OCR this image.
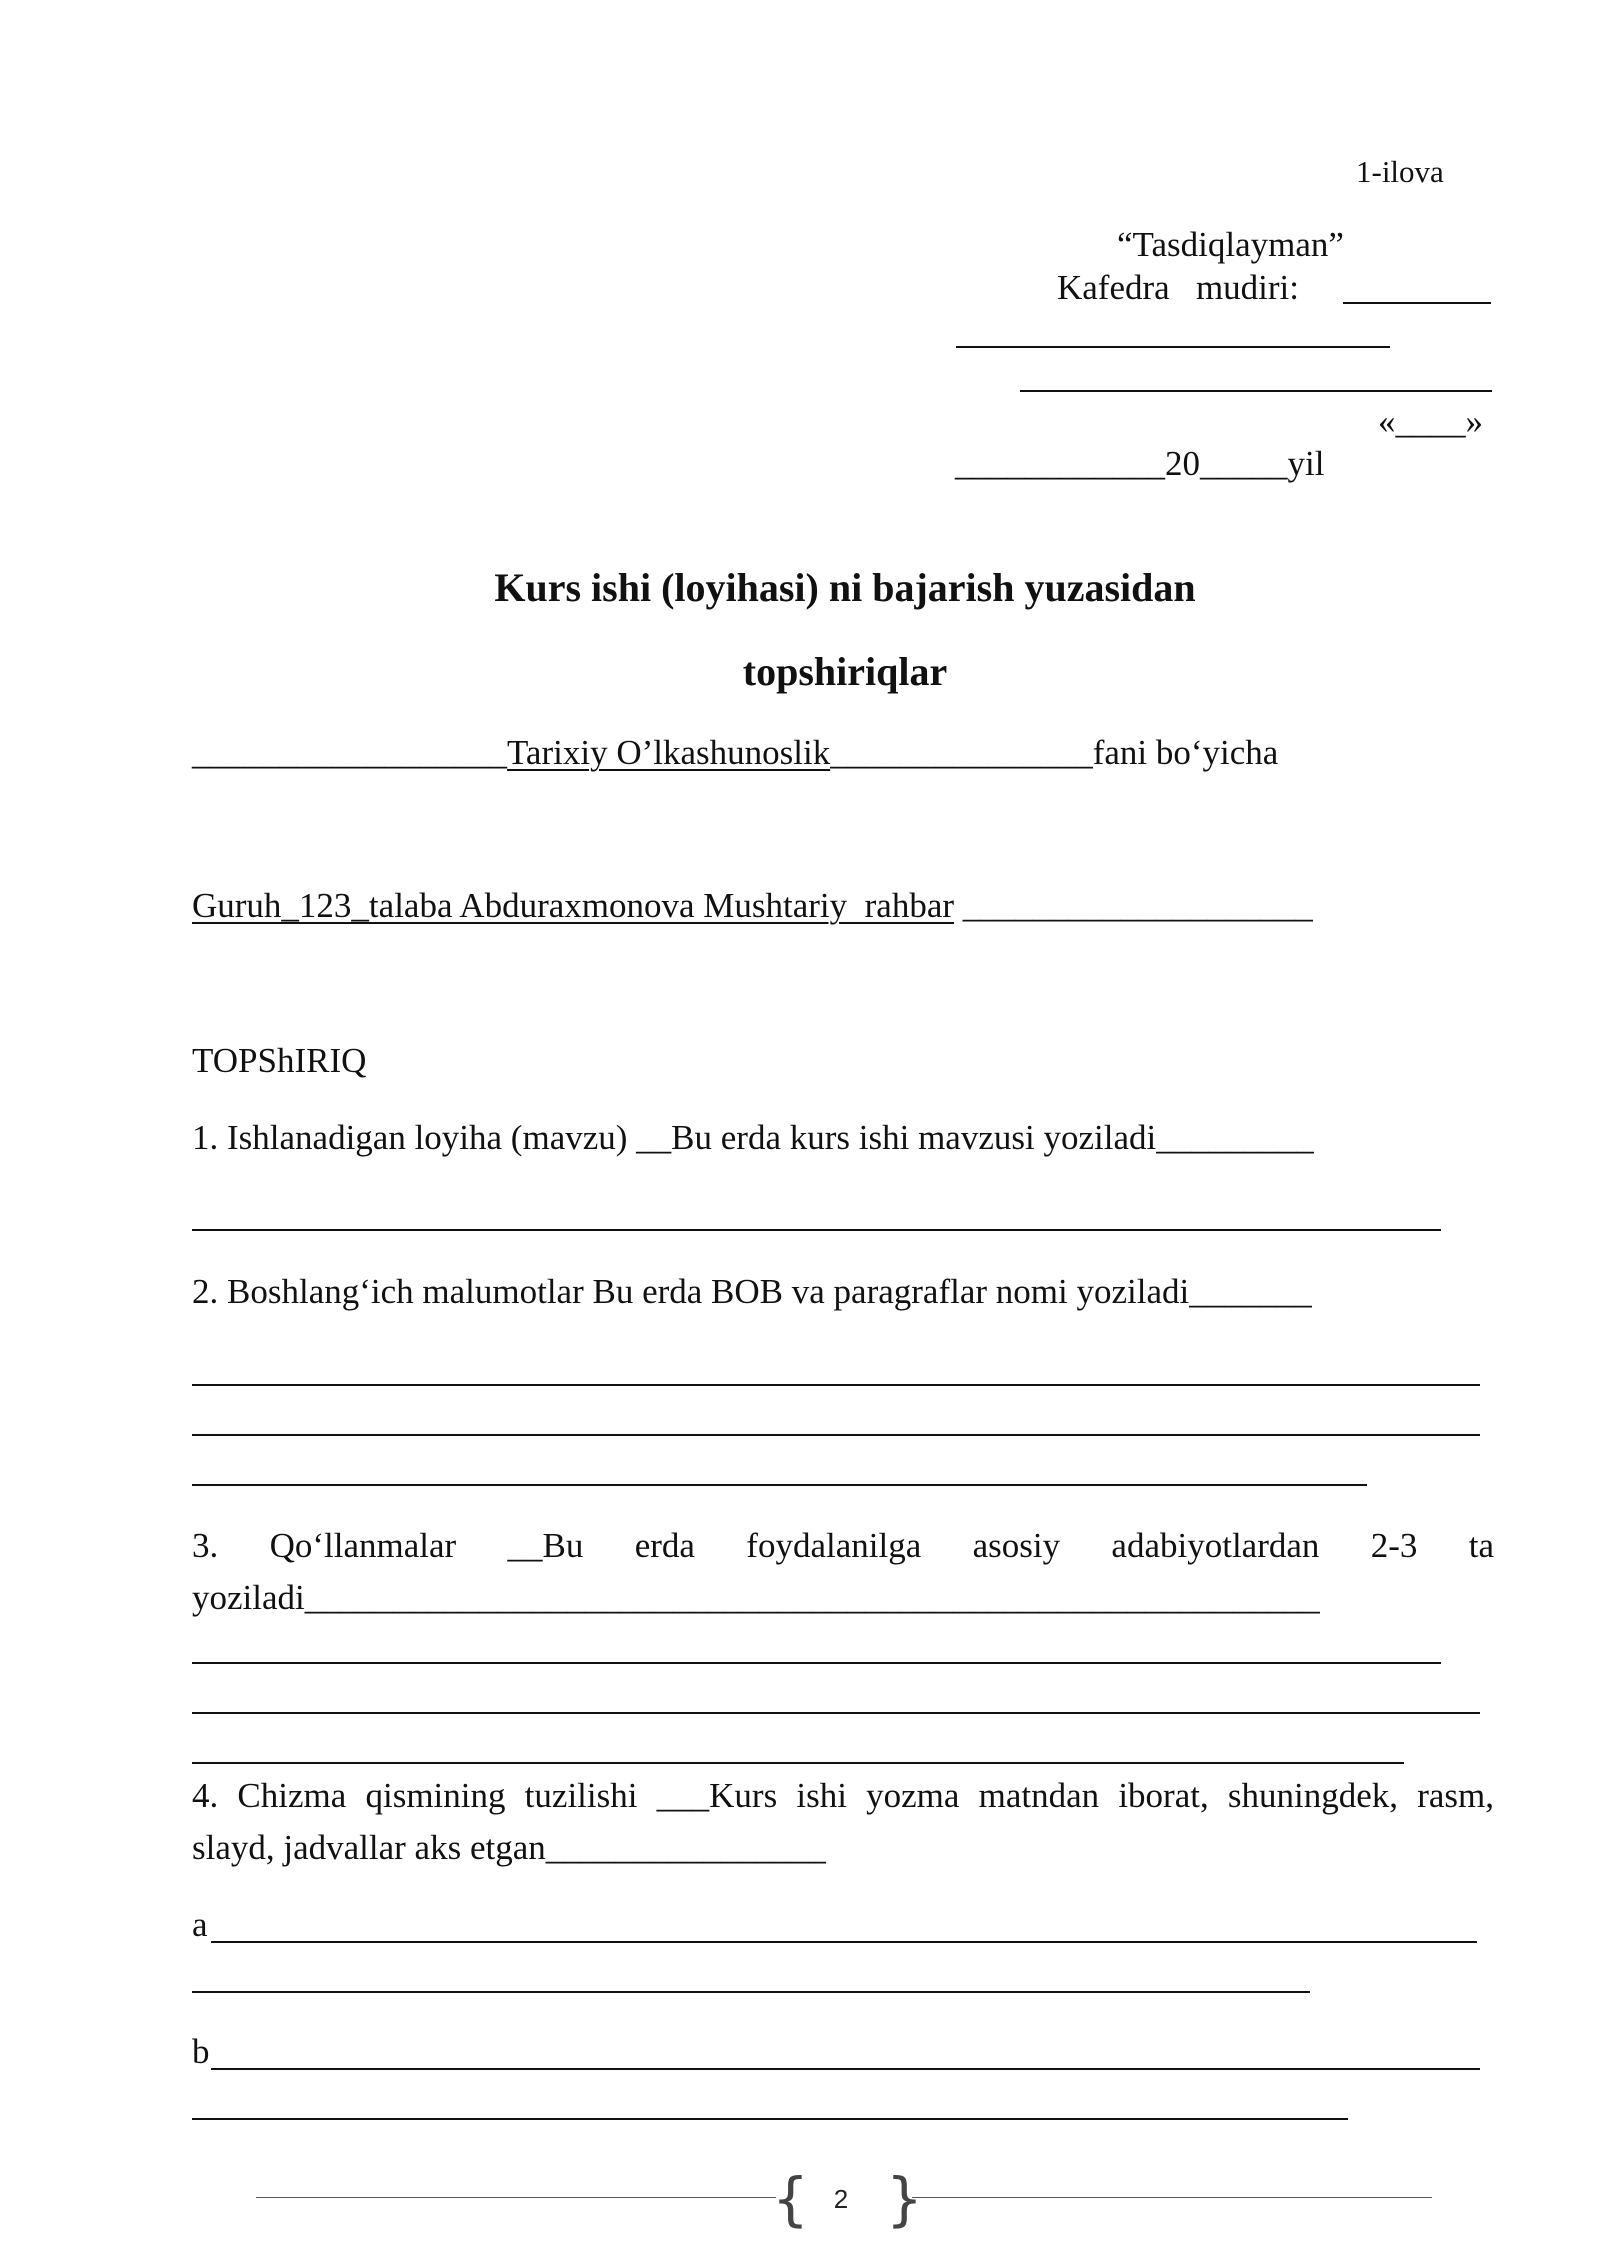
1-ilova
“Tasdiqlayman”
Kafedra   mudiri:
«____»
____________20_____yil
Kurs ishi (loyihasi) ni bajarish yuzasidan
topshiriqlar
__________________Tarixiy O’lkashunoslik_______________fani bo‘yicha
Guruh_123_talaba Abduraxmonova Mushtariy  rahbar ____________________
TOPShIRIQ
1. Ishlanadigan loyiha (mavzu) __Bu erda kurs ishi mavzusi yoziladi_________
2. Boshlang‘ich malumotlar Bu erda BOB va paragraflar nomi yoziladi_______
3. Qo‘llanmalar __Bu erda foydalanilga asosiy adabiyotlardan 2-3 ta
yoziladi__________________________________________________________
4. Chizma qismining tuzilishi ___Kurs ishi yozma matndan iborat, shuningdek, rasm,
slayd, jadvallar aks etgan________________
a
b
{ 2 }
